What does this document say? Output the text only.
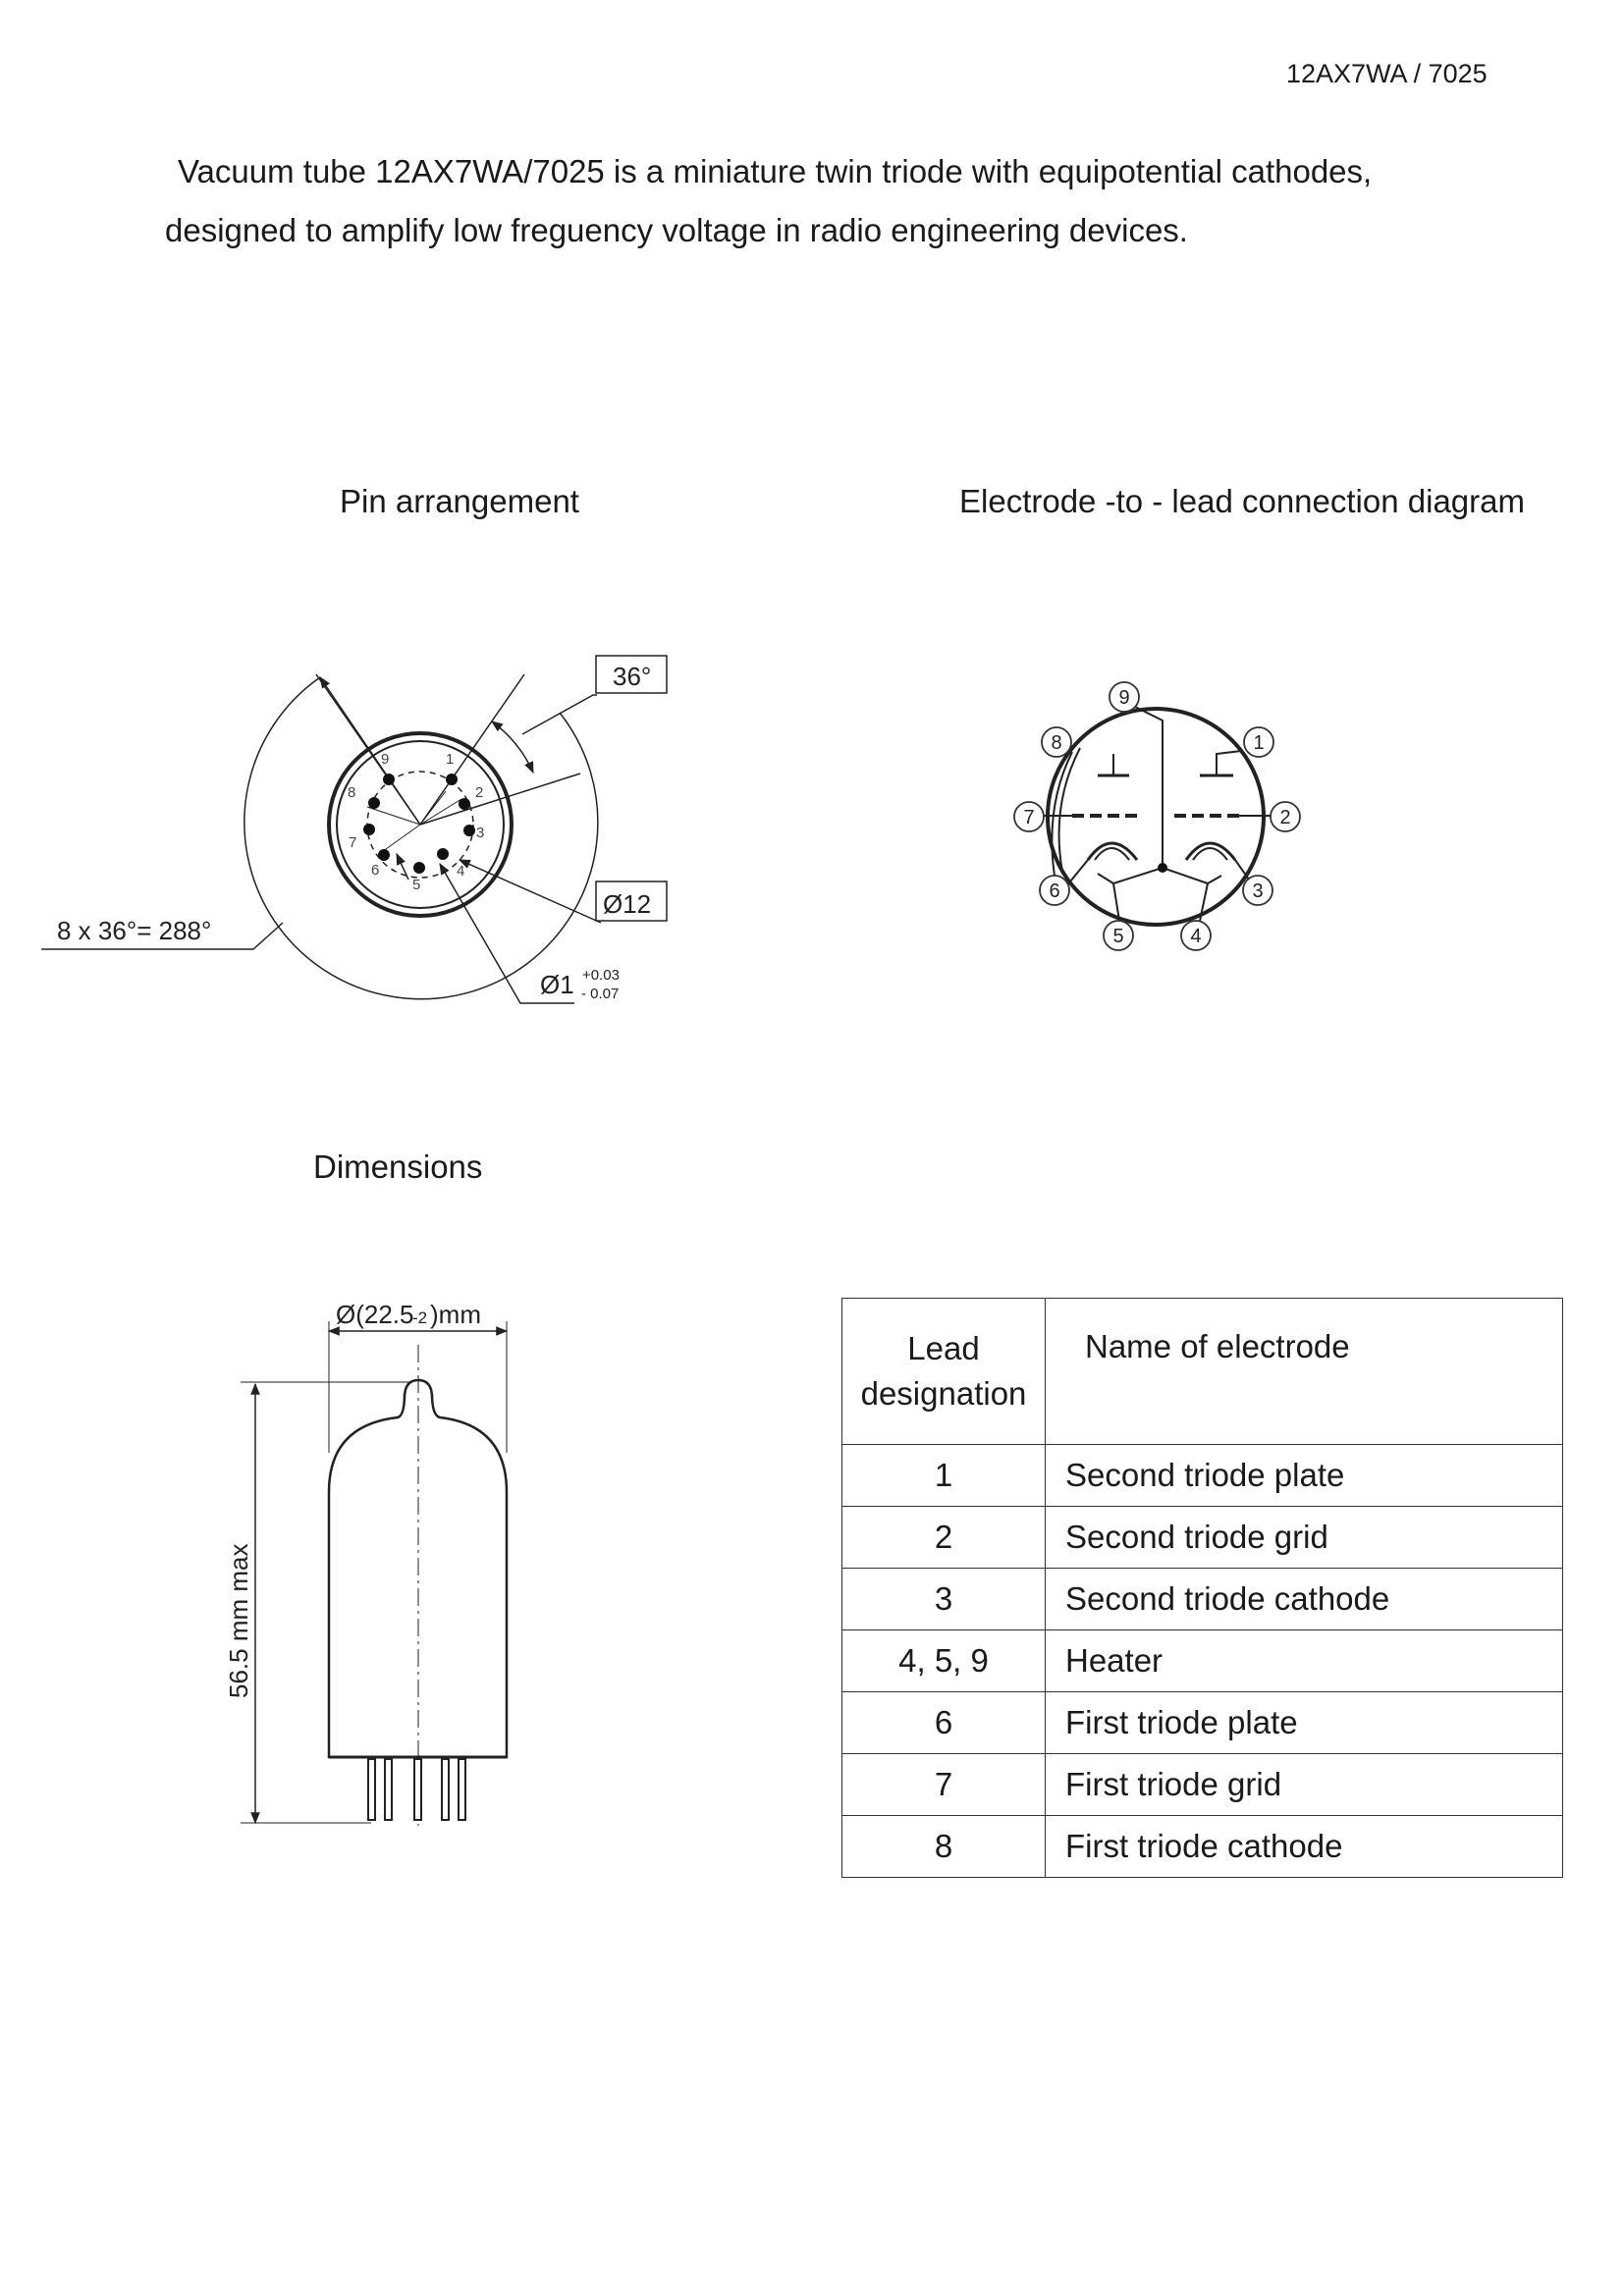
12AX7WA / 7025
Vacuum tube 12AX7WA/7025 is a miniature twin triode with equipotential cathodes,
designed to amplify low freguency voltage in radio engineering devices.
Pin arrangement	Electrode -to - lead connection diagram
Dimensions
9	1
2
3
4
5
6
7
8
36°
Ø12
8 x 36°= 288°
Ø1 +0.03
- 0.07
9
1
2
3
4
5
6
7
8
Ø(22.5
-2 )mm
56.5 mm max
Lead
designation	Name of electrode
1	Second triode plate
2	Second triode grid
3	Second triode cathode
4, 5, 9	Heater
6	First triode plate
7	First triode grid
8	First triode cathode
